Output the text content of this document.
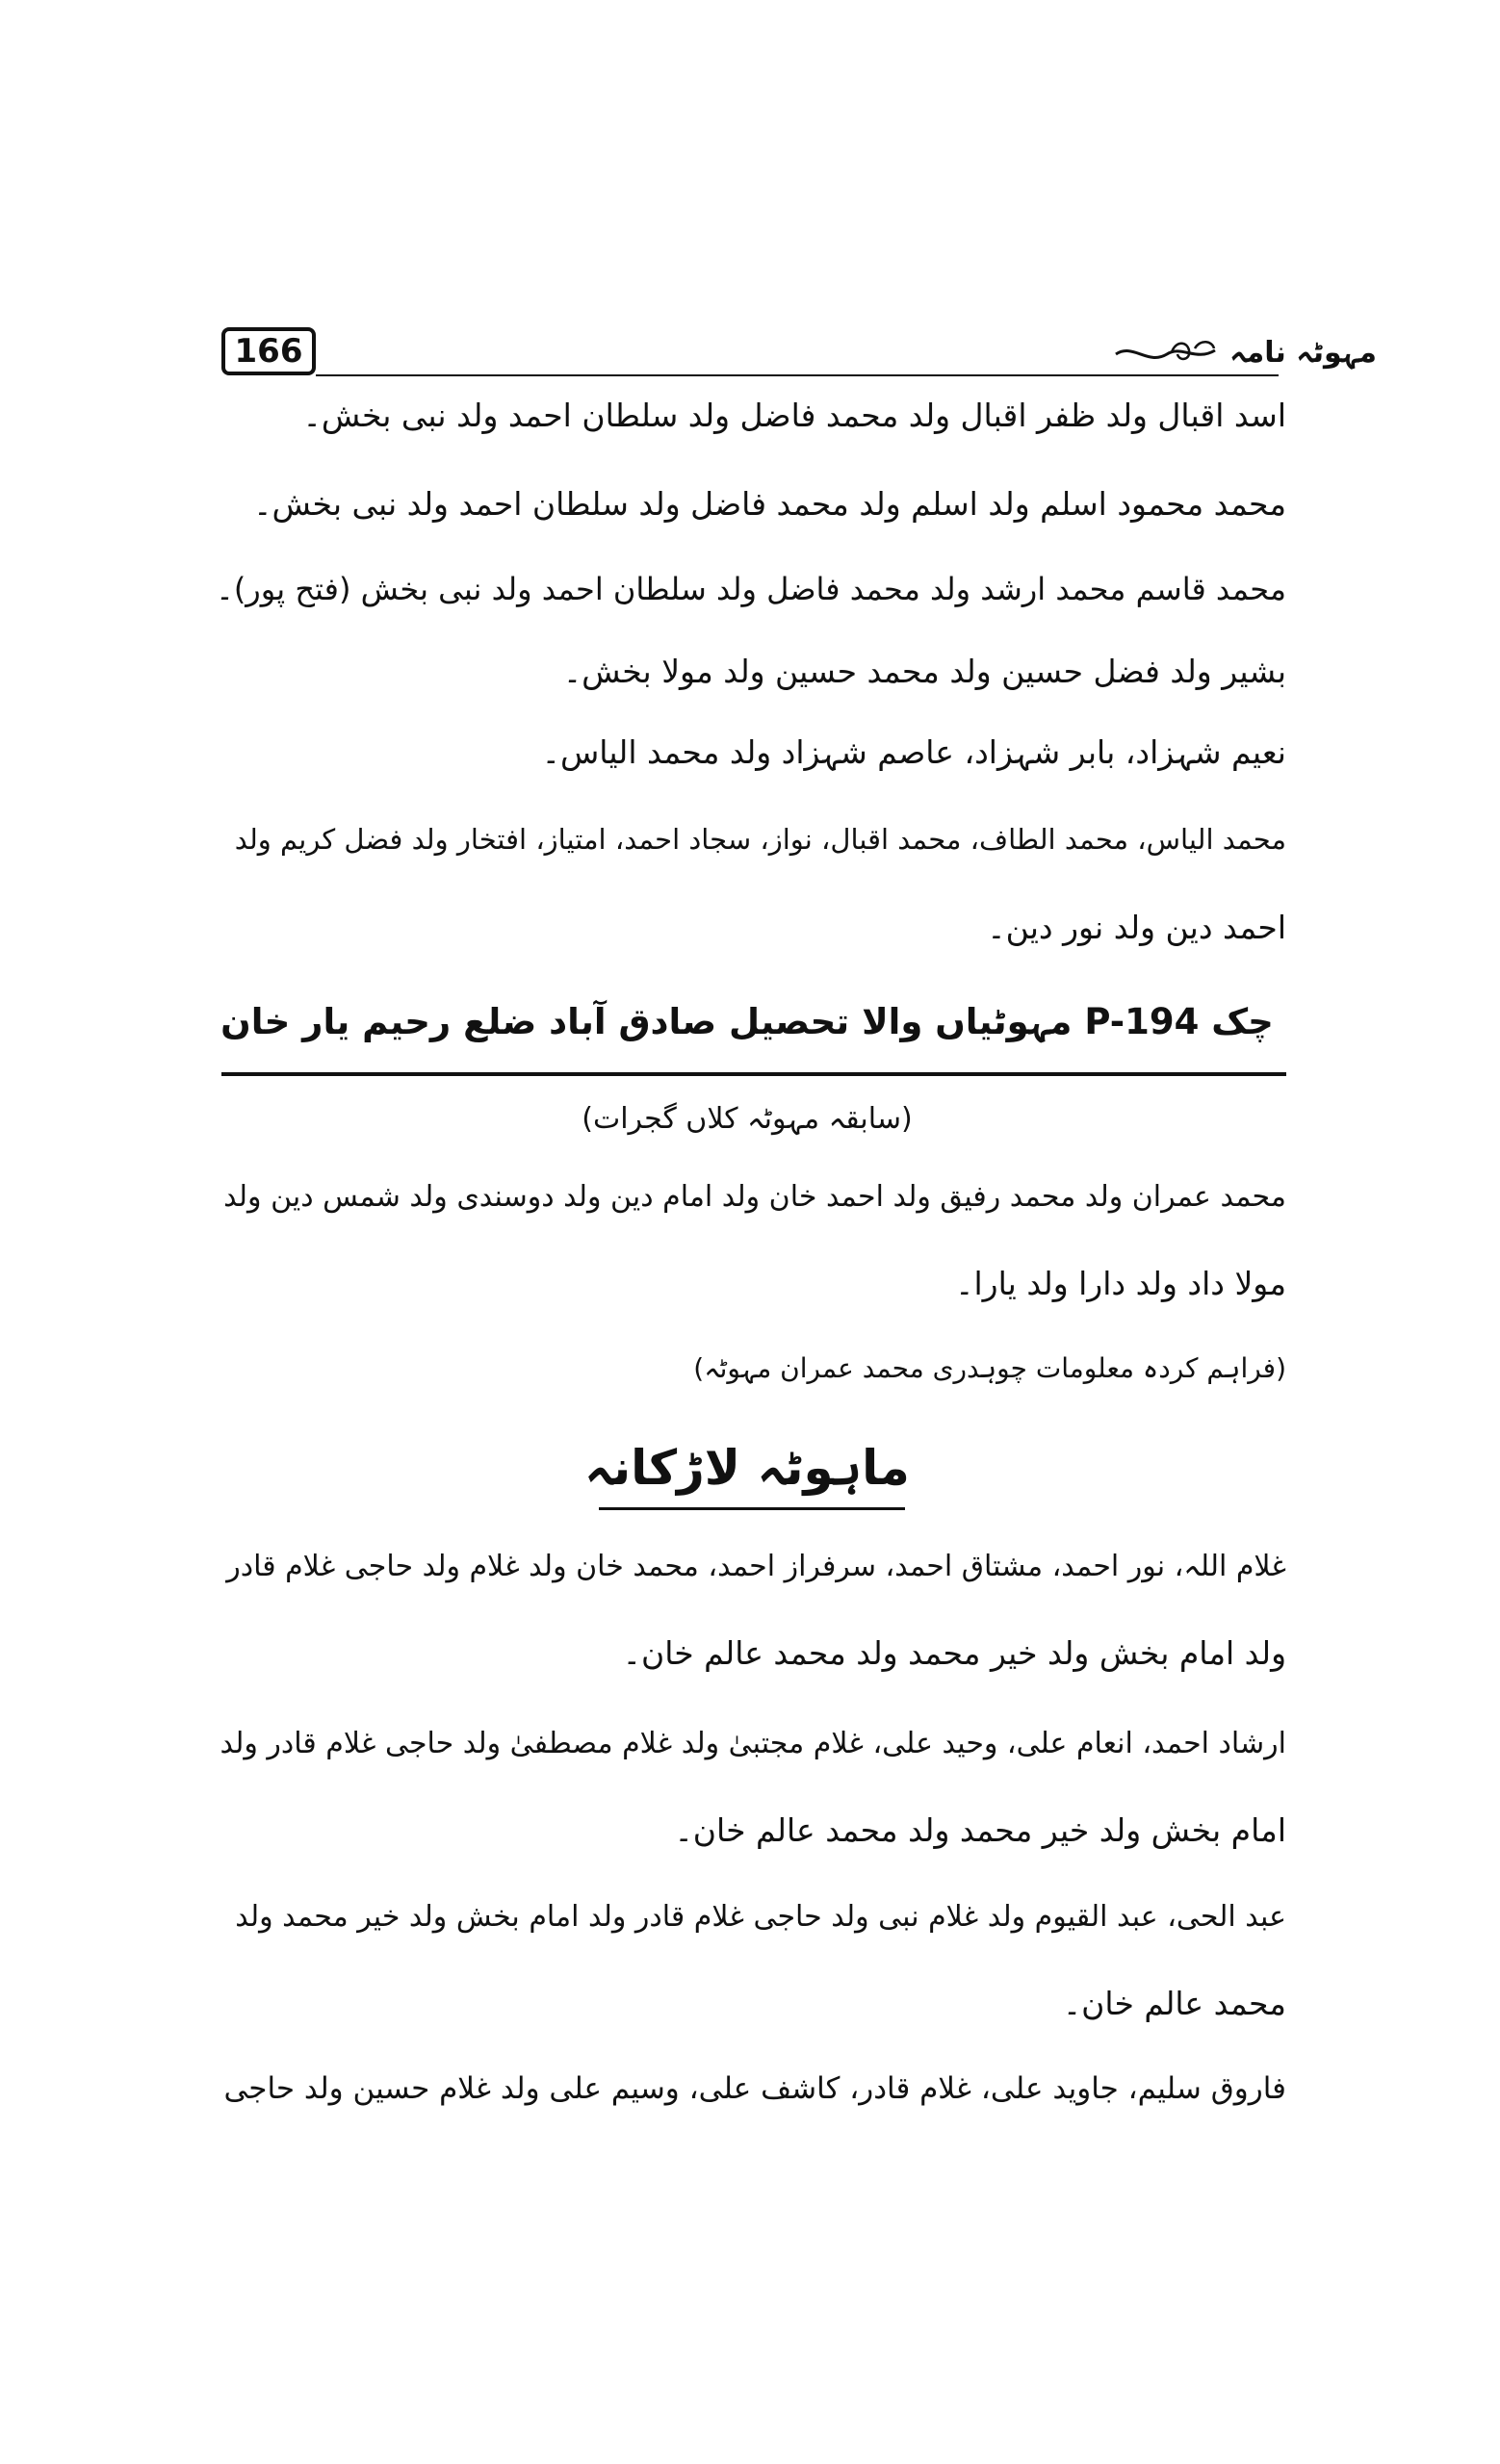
166	مہوٹہ نامہ
اسد اقبال ولد ظفر اقبال ولد محمد فاضل ولد سلطان احمد ولد نبی بخش۔
محمد محمود اسلم ولد اسلم ولد محمد فاضل ولد سلطان احمد ولد نبی بخش۔
محمد قاسم محمد ارشد ولد محمد فاضل ولد سلطان احمد ولد نبی بخش (فتح پور)۔
بشیر ولد فضل حسین ولد محمد حسین ولد مولا بخش۔
نعیم شہزاد، بابر شہزاد، عاصم شہزاد ولد محمد الیاس۔
محمد الیاس، محمد الطاف، محمد اقبال، نواز، سجاد احمد، امتیاز، افتخار ولد فضل کریم ولد
احمد دین ولد نور دین۔
چک P-194 مہوٹیاں والا تحصیل صادق آباد ضلع رحیم یار خان
(سابقہ مہوٹہ کلاں گجرات)
محمد عمران ولد محمد رفیق ولد احمد خان ولد امام دین ولد دوسندی ولد شمس دین ولد
مولا داد ولد دارا ولد یارا۔
(فراہم کردہ معلومات چوہدری محمد عمران مہوٹہ)
ماہوٹہ لاڑکانہ
غلام اللہ، نور احمد، مشتاق احمد، سرفراز احمد، محمد خان ولد غلام ولد حاجی غلام قادر
ولد امام بخش ولد خیر محمد ولد محمد عالم خان۔
ارشاد احمد، انعام علی، وحید علی، غلام مجتبیٰ ولد غلام مصطفیٰ ولد حاجی غلام قادر ولد
امام بخش ولد خیر محمد ولد محمد عالم خان۔
عبد الحی، عبد القیوم ولد غلام نبی ولد حاجی غلام قادر ولد امام بخش ولد خیر محمد ولد
محمد عالم خان۔
فاروق سلیم، جاوید علی، غلام قادر، کاشف علی، وسیم علی ولد غلام حسین ولد حاجی
